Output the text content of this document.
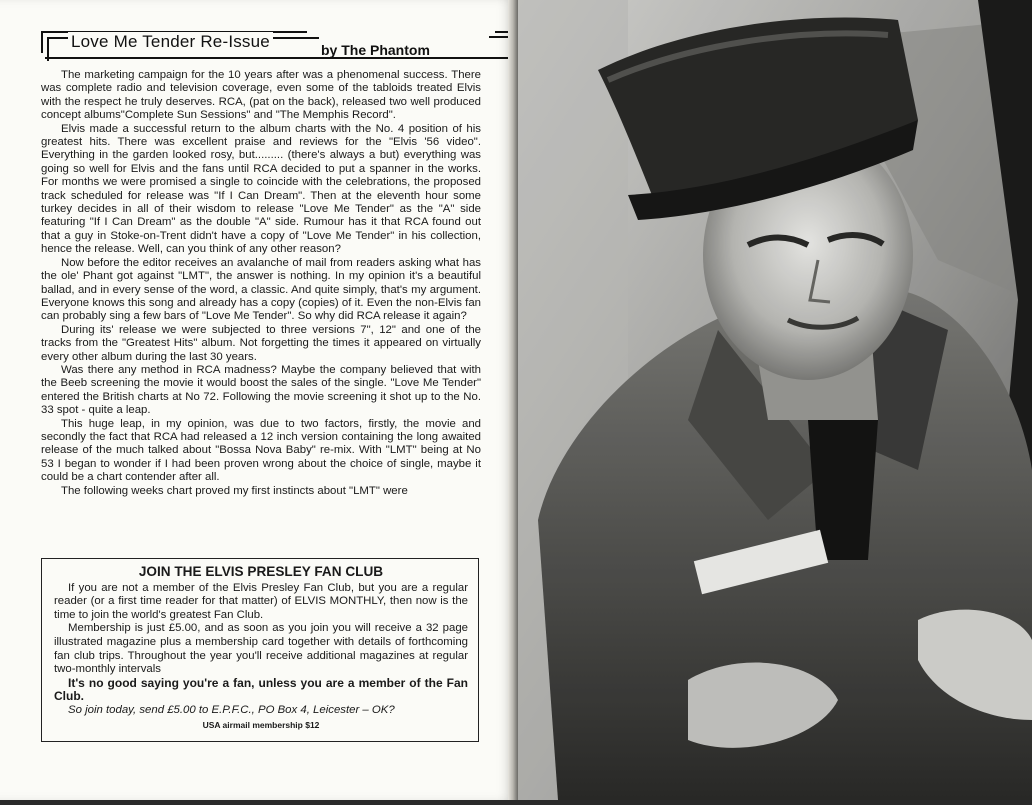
Love Me Tender Re-Issue	by The Phantom

The marketing campaign for the 10 years after was a phenomenal success. There was complete radio and television coverage, even some of the tabloids treated Elvis with the respect he truly deserves. RCA, (pat on the back), released two well produced concept albums"Complete Sun Sessions" and "The Memphis Record".

Elvis made a successful return to the album charts with the No. 4 position of his greatest hits. There was excellent praise and reviews for the "Elvis '56 video". Everything in the garden looked rosy, but......... (there's always a but) everything was going so well for Elvis and the fans until RCA decided to put a spanner in the works. For months we were promised a single to coincide with the celebrations, the proposed track scheduled for release was "If I Can Dream". Then at the eleventh hour some turkey decides in all of their wisdom to release "Love Me Tender" as the "A" side featuring "If I Can Dream" as the double "A" side. Rumour has it that RCA found out that a guy in Stoke-on-Trent didn't have a copy of "Love Me Tender" in his collection, hence the release. Well, can you think of any other reason?

Now before the editor receives an avalanche of mail from readers asking what has the ole' Phant got against "LMT", the answer is nothing. In my opinion it's a beautiful ballad, and in every sense of the word, a classic. And quite simply, that's my argument. Everyone knows this song and already has a copy (copies) of it. Even the non-Elvis fan can probably sing a few bars of "Love Me Tender". So why did RCA release it again?

During its' release we were subjected to three versions 7", 12" and one of the tracks from the "Greatest Hits" album. Not forgetting the times it appeared on virtually every other album during the last 30 years.

Was there any method in RCA madness? Maybe the company believed that with the Beeb screening the movie it would boost the sales of the single. "Love Me Tender" entered the British charts at No 72. Following the movie screening it shot up to the No. 33 spot - quite a leap.

This huge leap, in my opinion, was due to two factors, firstly, the movie and secondly the fact that RCA had released a 12 inch version containing the long awaited release of the much talked about "Bossa Nova Baby" re-mix. With "LMT" being at No 53 I began to wonder if I had been proven wrong about the choice of single, maybe it could be a chart contender after all.

The following weeks chart proved my first instincts about "LMT" were

JOIN THE ELVIS PRESLEY FAN CLUB

If you are not a member of the Elvis Presley Fan Club, but you are a regular reader (or a first time reader for that matter) of ELVIS MONTHLY, then now is the time to join the world's greatest Fan Club.

Membership is just £5.00, and as soon as you join you will receive a 32 page illustrated magazine plus a membership card together with details of forthcoming fan club trips. Throughout the year you'll receive additional magazines at regular two-monthly intervals

It's no good saying you're a fan, unless you are a member of the Fan Club.

So join today, send £5.00 to E.P.F.C., PO Box 4, Leicester – OK?

USA airmail membership $12
